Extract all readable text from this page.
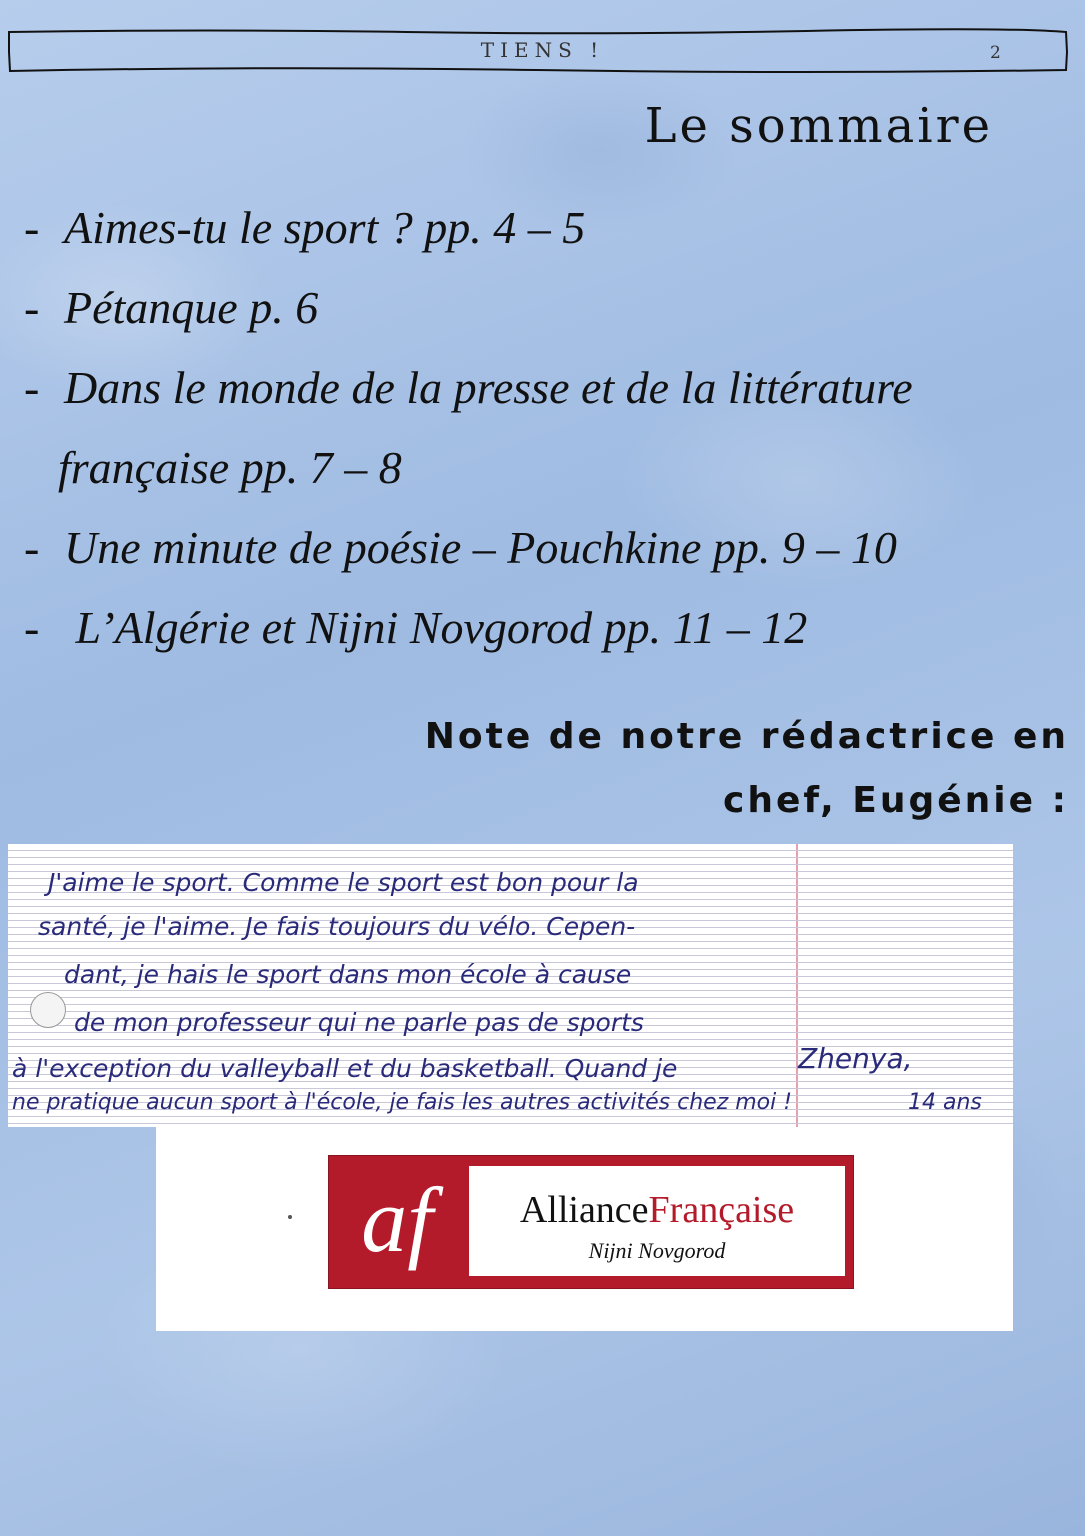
TIENS !	2
Le sommaire
- Aimes-tu le sport ? pp. 4 – 5
- Pétanque p. 6
- Dans le monde de la presse et de la littérature
française pp. 7 – 8
- Une minute de poésie – Pouchkine pp. 9 – 10
- L’Algérie et Nijni Novgorod pp. 11 – 12
Note de notre rédactrice en
chef, Eugénie :
J'aime le sport. Comme le sport est bon pour la
santé, je l'aime. Je fais toujours du vélo. Cepen-
dant, je hais le sport dans mon école à cause
de mon professeur qui ne parle pas de sports
à l'exception du valleyball et du basketball. Quand je
ne pratique aucun sport à l'école, je fais les autres activités chez moi !
Zhenya,
14 ans
af	AllianceFrançaise
Nijni Novgorod
